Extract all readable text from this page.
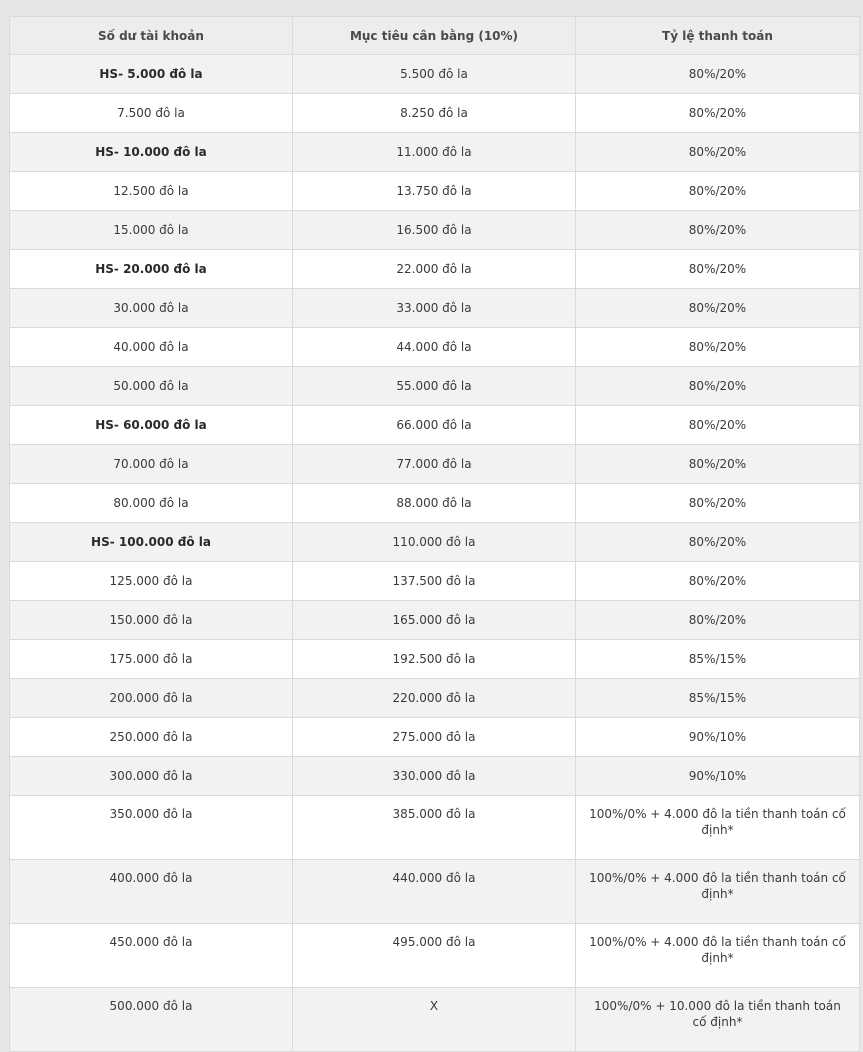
Số dư tài khoản	Mục tiêu cân bằng (10%)	Tỷ lệ thanh toán
HS- 5.000 đô la	5.500 đô la	80%/20%
7.500 đô la	8.250 đô la	80%/20%
HS- 10.000 đô la	11.000 đô la	80%/20%
12.500 đô la	13.750 đô la	80%/20%
15.000 đô la	16.500 đô la	80%/20%
HS- 20.000 đô la	22.000 đô la	80%/20%
30.000 đô la	33.000 đô la	80%/20%
40.000 đô la	44.000 đô la	80%/20%
50.000 đô la	55.000 đô la	80%/20%
HS- 60.000 đô la	66.000 đô la	80%/20%
70.000 đô la	77.000 đô la	80%/20%
80.000 đô la	88.000 đô la	80%/20%
HS- 100.000 đô la	110.000 đô la	80%/20%
125.000 đô la	137.500 đô la	80%/20%
150.000 đô la	165.000 đô la	80%/20%
175.000 đô la	192.500 đô la	85%/15%
200.000 đô la	220.000 đô la	85%/15%
250.000 đô la	275.000 đô la	90%/10%
300.000 đô la	330.000 đô la	90%/10%
350.000 đô la	385.000 đô la	100%/0% + 4.000 đô la tiền thanh toán cố định*
400.000 đô la	440.000 đô la	100%/0% + 4.000 đô la tiền thanh toán cố định*
450.000 đô la	495.000 đô la	100%/0% + 4.000 đô la tiền thanh toán cố định*
500.000 đô la	X	100%/0% + 10.000 đô la tiền thanh toán cố định*
